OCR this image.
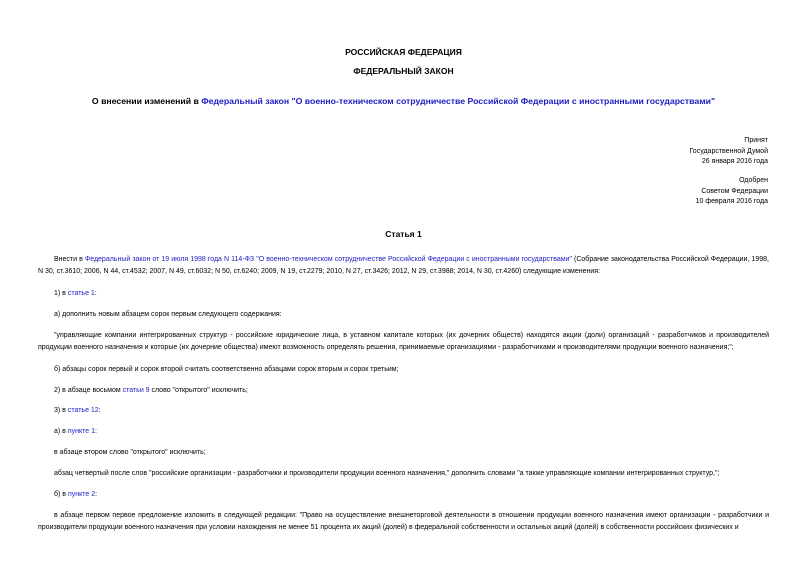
РОССИЙСКАЯ ФЕДЕРАЦИЯ
ФЕДЕРАЛЬНЫЙ ЗАКОН
О внесении изменений в Федеральный закон "О военно-техническом сотрудничестве Российской Федерации с иностранными государствами"
Принят
Государственной Думой
26 января 2016 года
Одобрен
Советом Федерации
10 февраля 2016 года
Статья 1
Внести в Федеральный закон от 19 июля 1998 года N 114-ФЗ "О военно-техническом сотрудничестве Российской Федерации с иностранными государствами" (Собрание законодательства Российской Федерации, 1998, N 30, ст.3610; 2006, N 44, ст.4532; 2007, N 49, ст.6032; N 50, ст.6240; 2009, N 19, ст.2279; 2010, N 27, ст.3426; 2012, N 29, ст.3988; 2014, N 30, ст.4260) следующие изменения:
1) в статье 1:
а) дополнить новым абзацем сорок первым следующего содержания:
"управляющие компании интегрированных структур - российские юридические лица, в уставном капитале которых (их дочерних обществ) находятся акции (доли) организаций - разработчиков и производителей продукции военного назначения и которые (их дочерние общества) имеют возможность определять решения, принимаемые организациями - разработчиками и производителями продукции военного назначения;";
б) абзацы сорок первый и сорок второй считать соответственно абзацами сорок вторым и сорок третьим;
2) в абзаце восьмом статьи 9 слово "открытого" исключить;
3) в статье 12:
а) в пункте 1:
в абзаце втором слово "открытого" исключить;
абзац четвертый после слов "российские организации - разработчики и производители продукции военного назначения," дополнить словами "а также управляющие компании интегрированных структур,";
б) в пункте 2:
в абзаце первом первое предложение изложить в следующей редакции: "Право на осуществление внешнеторговой деятельности в отношении продукции военного назначения имеют организации - разработчики и производители продукции военного назначения при условии нахождения не менее 51 процента их акций (долей) в федеральной собственности и остальных акций (долей) в собственности российских физических и
